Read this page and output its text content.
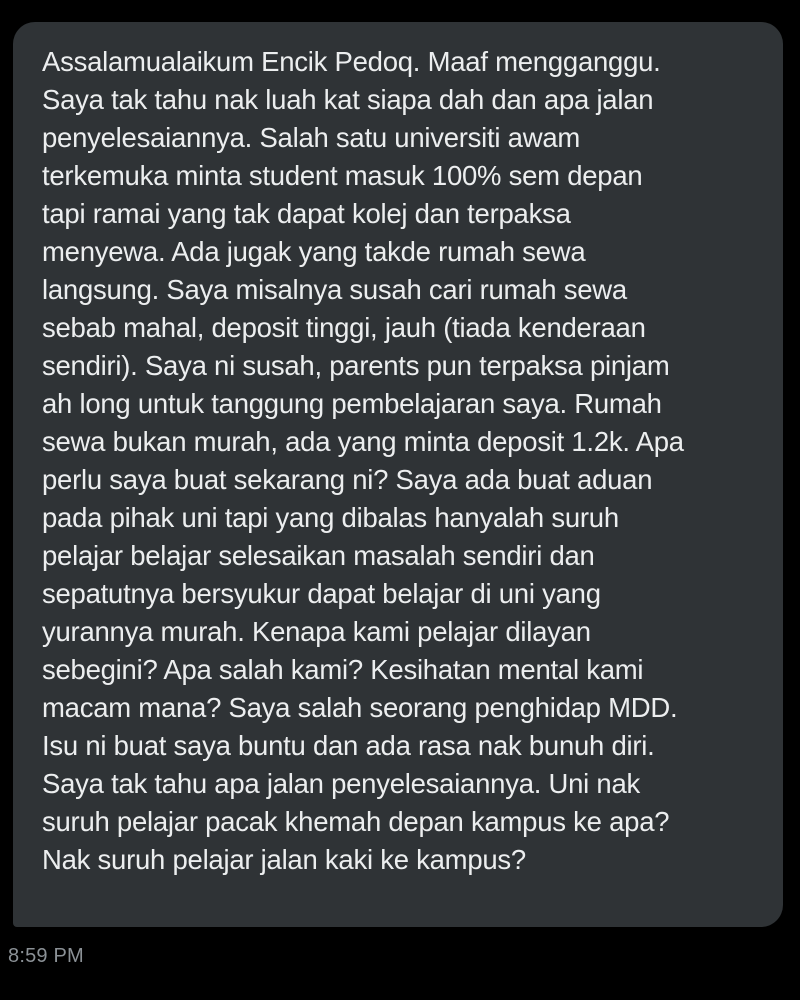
Assalamualaikum Encik Pedoq. Maaf mengganggu.
Saya tak tahu nak luah kat siapa dah dan apa jalan
penyelesaiannya. Salah satu universiti awam
terkemuka minta student masuk 100% sem depan
tapi ramai yang tak dapat kolej dan terpaksa
menyewa. Ada jugak yang takde rumah sewa
langsung. Saya misalnya susah cari rumah sewa
sebab mahal, deposit tinggi, jauh (tiada kenderaan
sendiri). Saya ni susah, parents pun terpaksa pinjam
ah long untuk tanggung pembelajaran saya. Rumah
sewa bukan murah, ada yang minta deposit 1.2k. Apa
perlu saya buat sekarang ni? Saya ada buat aduan
pada pihak uni tapi yang dibalas hanyalah suruh
pelajar belajar selesaikan masalah sendiri dan
sepatutnya bersyukur dapat belajar di uni yang
yurannya murah. Kenapa kami pelajar dilayan
sebegini? Apa salah kami? Kesihatan mental kami
macam mana? Saya salah seorang penghidap MDD.
Isu ni buat saya buntu dan ada rasa nak bunuh diri.
Saya tak tahu apa jalan penyelesaiannya. Uni nak
suruh pelajar pacak khemah depan kampus ke apa?
Nak suruh pelajar jalan kaki ke kampus?

8:59 PM
